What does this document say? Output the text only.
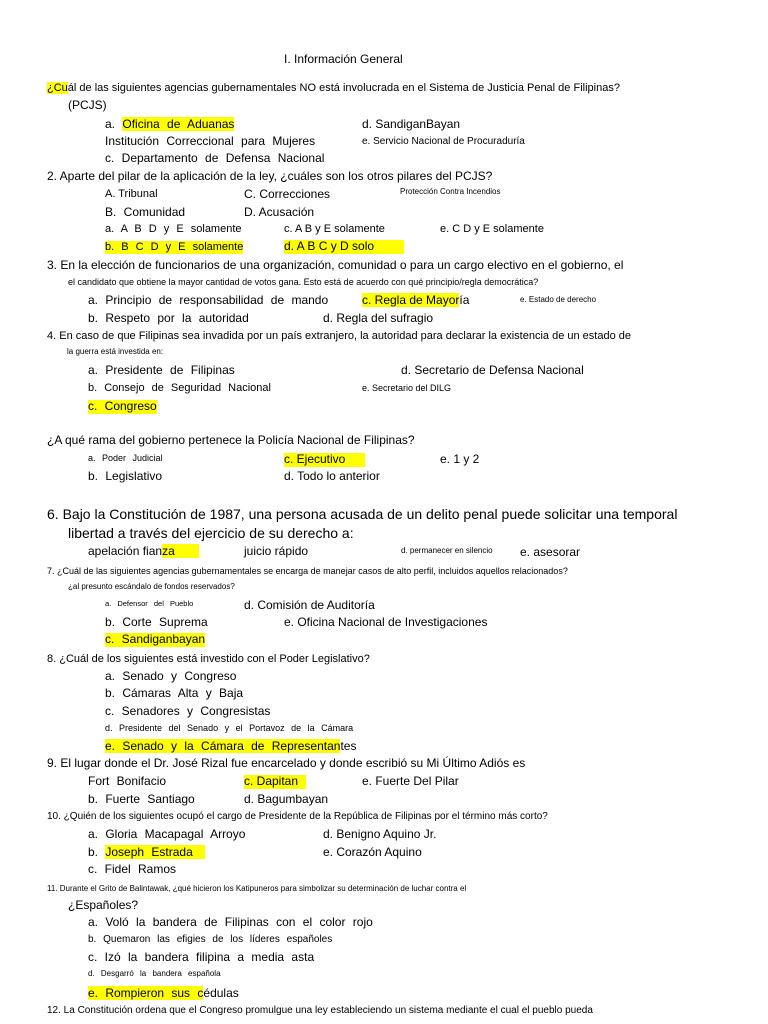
I. Información General
¿Cuál de las siguientes agencias gubernamentales NO está involucrada en el Sistema de Justicia Penal de Filipinas?
(PCJS)
a. Oficina de Aduanas	d. SandiganBayan
Institución Correccional para Mujeres	e. Servicio Nacional de Procuraduría
c. Departamento de Defensa Nacional
2. Aparte del pilar de la aplicación de la ley, ¿cuáles son los otros pilares del PCJS?
A. Tribunal	C. Correcciones	Protección Contra Incendios
B. Comunidad	D. Acusación
a. A B D y E solamente	c. A B y E solamente	e. C D y E solamente
b. B C D y E solamente	d. A B C y D solo
3. En la elección de funcionarios de una organización, comunidad o para un cargo electivo en el gobierno, el
el candidato que obtiene la mayor cantidad de votos gana. Esto está de acuerdo con qué principio/regla democrática?
a. Principio de responsabilidad de mando	c. Regla de Mayoría	e. Estado de derecho
b. Respeto por la autoridad	d. Regla del sufragio
4. En caso de que Filipinas sea invadida por un país extranjero, la autoridad para declarar la existencia de un estado de
la guerra está investida en:
a. Presidente de Filipinas	d. Secretario de Defensa Nacional
b. Consejo de Seguridad Nacional	e. Secretario del DILG
c. Congreso
¿A qué rama del gobierno pertenece la Policía Nacional de Filipinas?
a. Poder Judicial	c. Ejecutivo	e. 1 y 2
b. Legislativo	d. Todo lo anterior
6. Bajo la Constitución de 1987, una persona acusada de un delito penal puede solicitar una temporal
libertad a través del ejercicio de su derecho a:
apelación fianza	juicio rápido	d. permanecer en silencio e. asesorar
7. ¿Cuál de las siguientes agencias gubernamentales se encarga de manejar casos de alto perfil, incluidos aquellos relacionados?
¿al presunto escándalo de fondos reservados?
a. Defensor del Pueblo	d. Comisión de Auditoría
b. Corte Suprema	e. Oficina Nacional de Investigaciones
c. Sandiganbayan
8. ¿Cuál de los siguientes está investido con el Poder Legislativo?
a. Senado y Congreso
b. Cámaras Alta y Baja
c. Senadores y Congresistas
d. Presidente del Senado y el Portavoz de la Cámara
e. Senado y la Cámara de Representantes
9. El lugar donde el Dr. José Rizal fue encarcelado y donde escribió su Mi Último Adiós es
Fort Bonifacio	c. Dapitan	e. Fuerte Del Pilar
b. Fuerte Santiago	d. Bagumbayan
10. ¿Quién de los siguientes ocupó el cargo de Presidente de la República de Filipinas por el término más corto?
a. Gloria Macapagal Arroyo	d. Benigno Aquino Jr.
b. Joseph Estrada	e. Corazón Aquino
c. Fidel Ramos
11. Durante el Grito de Balintawak, ¿qué hicieron los Katipuneros para simbolizar su determinación de luchar contra el
¿Españoles?
a. Voló la bandera de Filipinas con el color rojo
b. Quemaron las efigies de los líderes españoles
c. Izó la bandera filipina a media asta
d. Desgarró la bandera española
e. Rompieron sus cédulas
12. La Constitución ordena que el Congreso promulgue una ley estableciendo un sistema mediante el cual el pueblo pueda
